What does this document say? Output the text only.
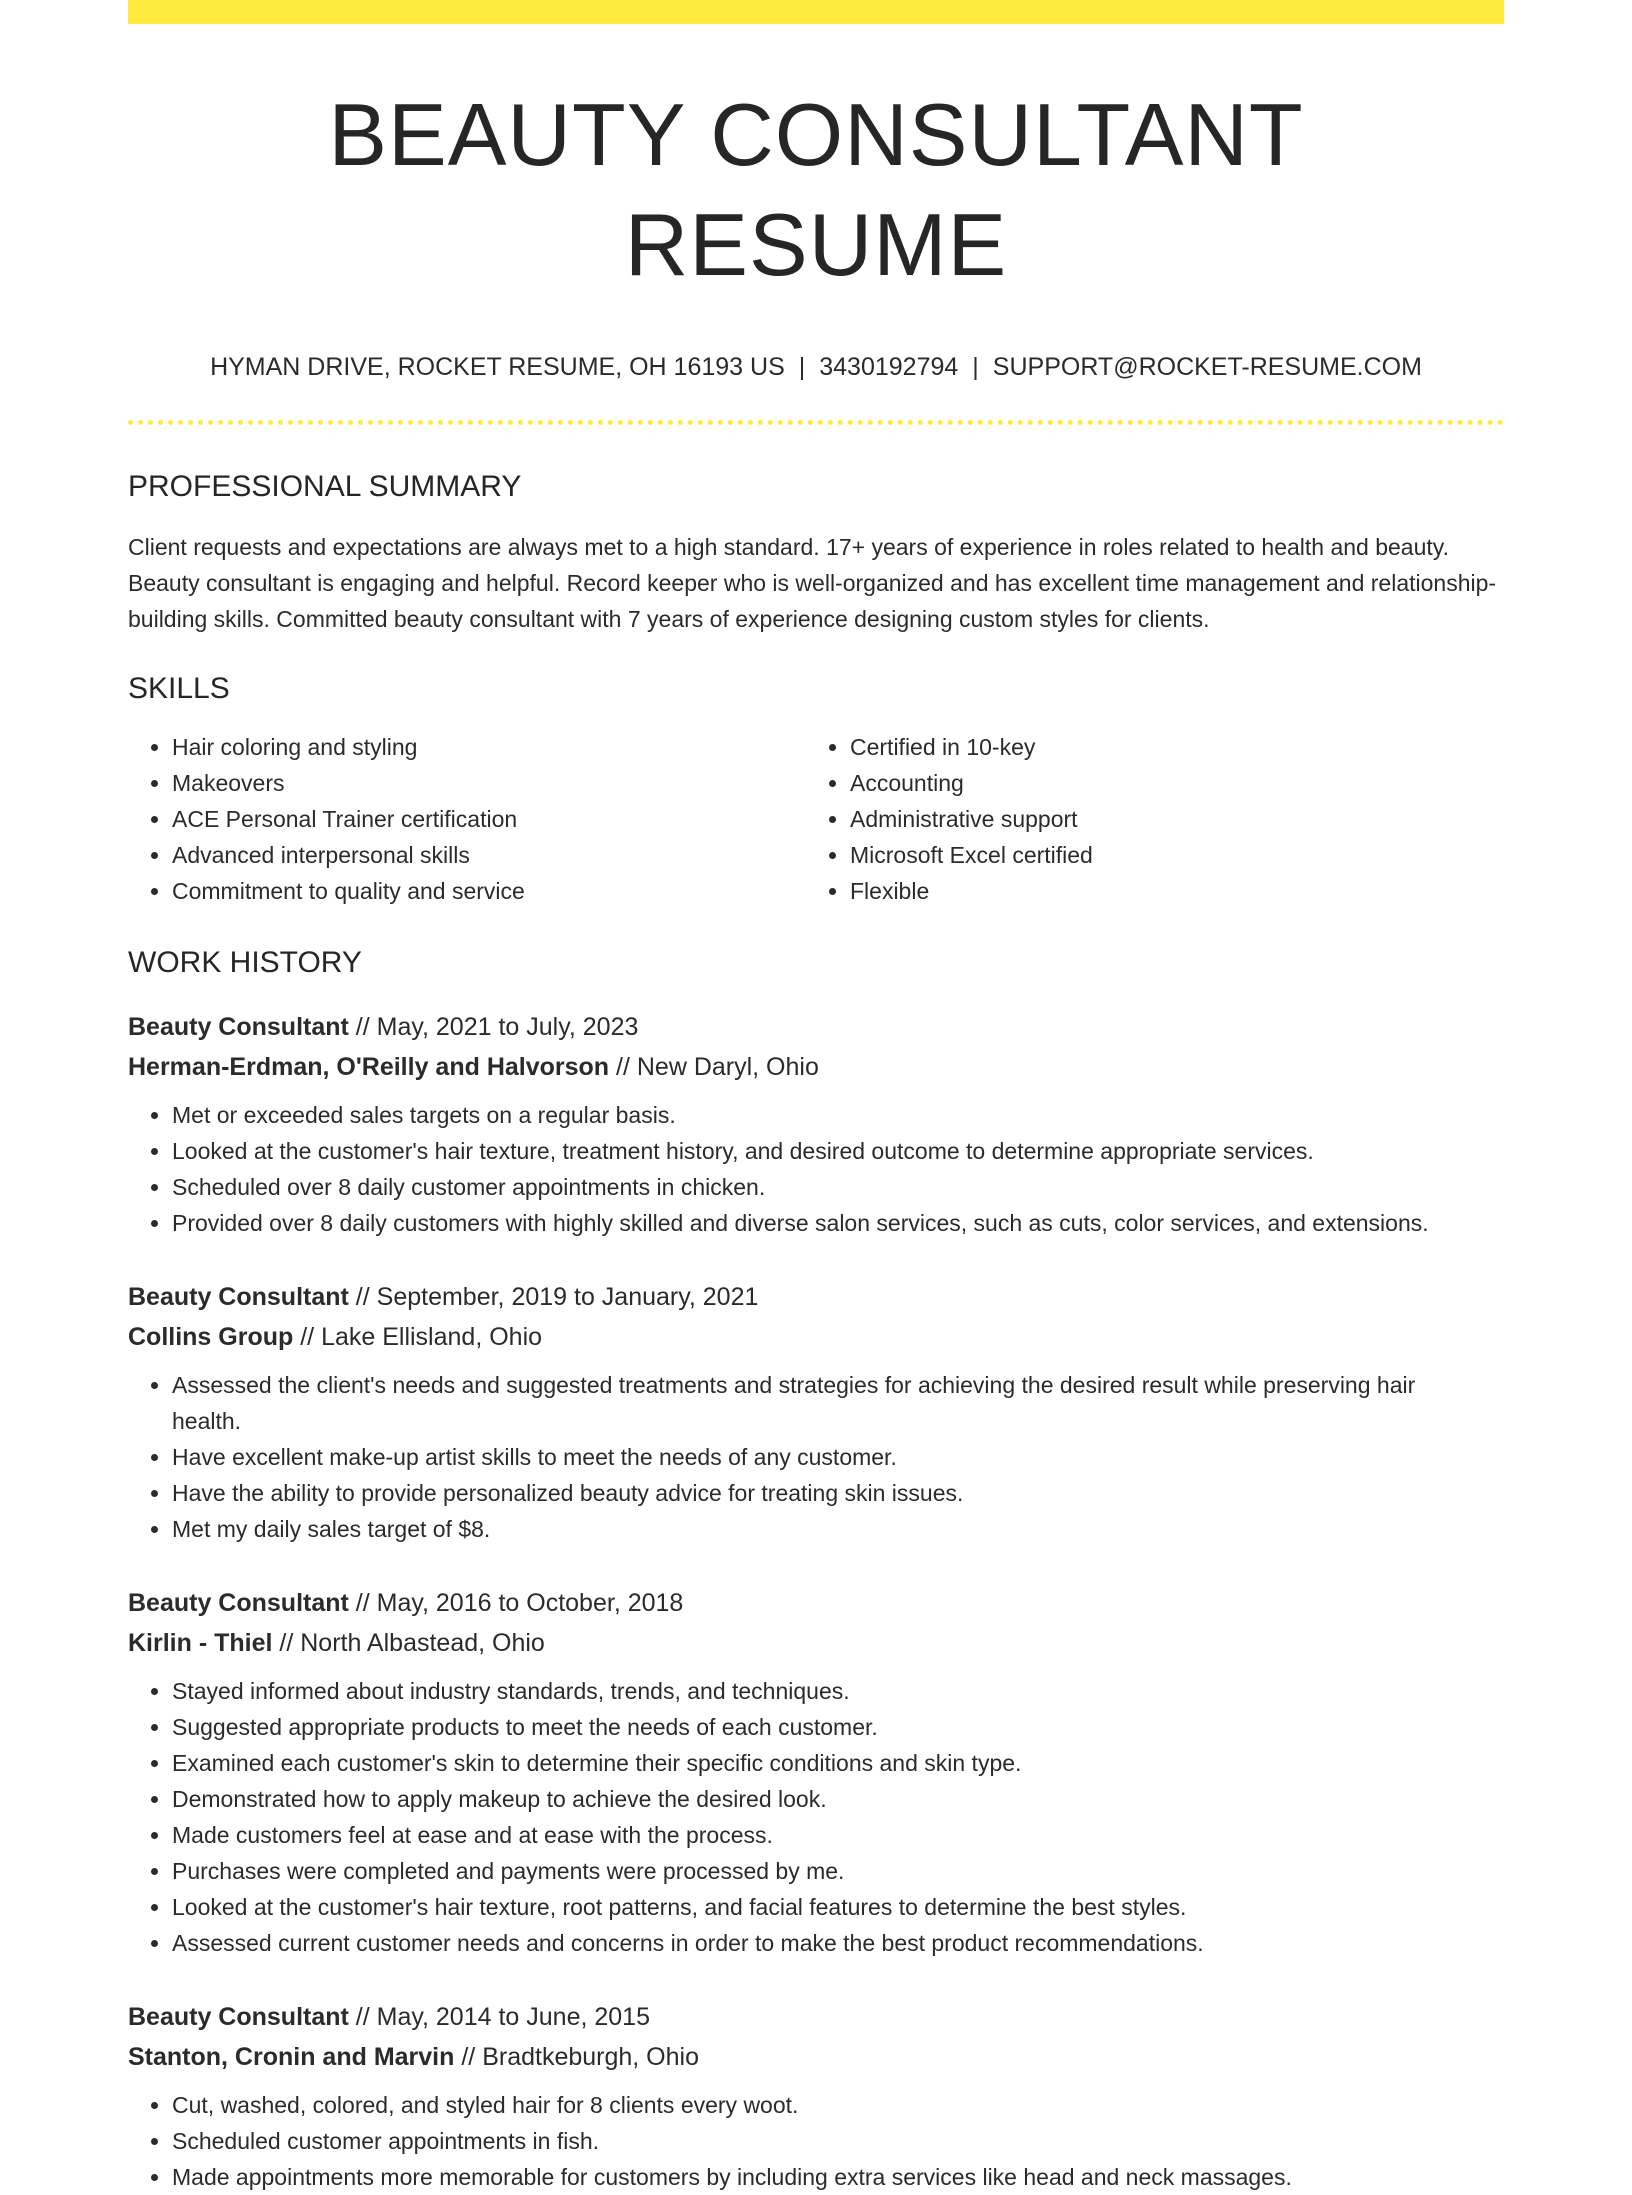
BEAUTY CONSULTANT RESUME
HYMAN DRIVE, ROCKET RESUME, OH 16193 US | 3430192794 | SUPPORT@ROCKET-RESUME.COM
PROFESSIONAL SUMMARY

Client requests and expectations are always met to a high standard. 17+ years of experience in roles related to health and beauty. Beauty consultant is engaging and helpful. Record keeper who is well-organized and has excellent time management and relationship-building skills. Committed beauty consultant with 7 years of experience designing custom styles for clients.

SKILLS
• Hair coloring and styling
• Makeovers
• ACE Personal Trainer certification
• Advanced interpersonal skills
• Commitment to quality and service
• Certified in 10-key
• Accounting
• Administrative support
• Microsoft Excel certified
• Flexible
WORK HISTORY
Beauty Consultant // May, 2021 to July, 2023
Herman-Erdman, O'Reilly and Halvorson // New Daryl, Ohio
• Met or exceeded sales targets on a regular basis.
• Looked at the customer's hair texture, treatment history, and desired outcome to determine appropriate services.
• Scheduled over 8 daily customer appointments in chicken.
• Provided over 8 daily customers with highly skilled and diverse salon services, such as cuts, color services, and extensions.
Beauty Consultant // September, 2019 to January, 2021
Collins Group // Lake Ellisland, Ohio
• Assessed the client's needs and suggested treatments and strategies for achieving the desired result while preserving hair health.
• Have excellent make-up artist skills to meet the needs of any customer.
• Have the ability to provide personalized beauty advice for treating skin issues.
• Met my daily sales target of $8.
Beauty Consultant // May, 2016 to October, 2018
Kirlin - Thiel // North Albastead, Ohio
• Stayed informed about industry standards, trends, and techniques.
• Suggested appropriate products to meet the needs of each customer.
• Examined each customer's skin to determine their specific conditions and skin type.
• Demonstrated how to apply makeup to achieve the desired look.
• Made customers feel at ease and at ease with the process.
• Purchases were completed and payments were processed by me.
• Looked at the customer's hair texture, root patterns, and facial features to determine the best styles.
• Assessed current customer needs and concerns in order to make the best product recommendations.
Beauty Consultant // May, 2014 to June, 2015
Stanton, Cronin and Marvin // Bradtkeburgh, Ohio
• Cut, washed, colored, and styled hair for 8 clients every woot.
• Scheduled customer appointments in fish.
• Made appointments more memorable for customers by including extra services like head and neck massages.
